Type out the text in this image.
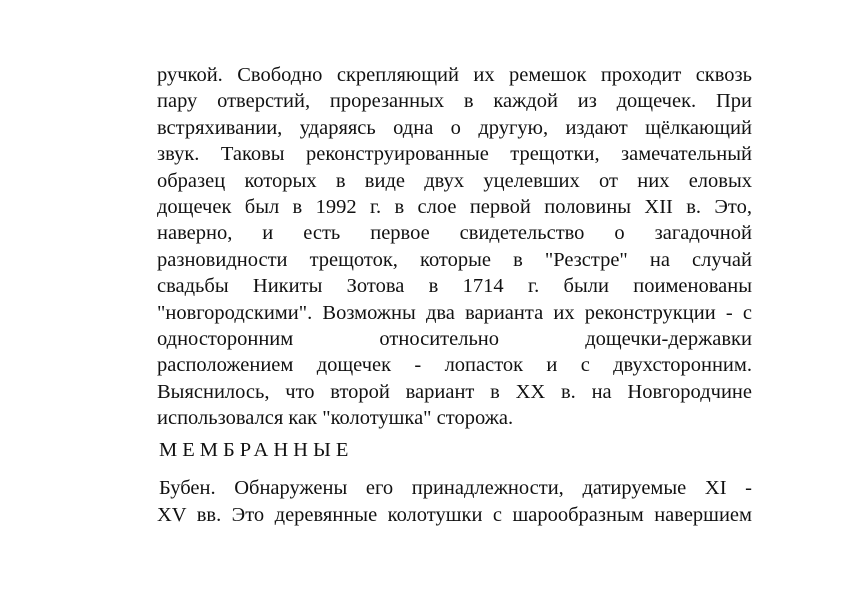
ручкой. Свободно скрепляющий их ремешок проходит сквозь
пару отверстий, прорезанных в каждой из дощечек. При
встряхивании, ударяясь одна о другую, издают щёлкающий
звук. Таковы реконструированные трещотки, замечательный
образец которых в виде двух уцелевших от них еловых
дощечек был в 1992 г. в слое первой половины XII в. Это,
наверно, и есть первое свидетельство о загадочной
разновидности трещоток, которые в "Резстре" на случай
свадьбы Никиты Зотова в 1714 г. были поименованы
"новгородскими". Возможны два варианта их реконструкции - с
односторонним относительно дощечки-державки
расположением дощечек - лопасток и с двухсторонним.
Выяснилось, что второй вариант в XX в. на Новгородчине
использовался как "колотушка" сторожа.
МЕМБРАННЫЕ
Бубен. Обнаружены его принадлежности, датируемые XI -
XV вв. Это деревянные колотушки с шарообразным навершием
